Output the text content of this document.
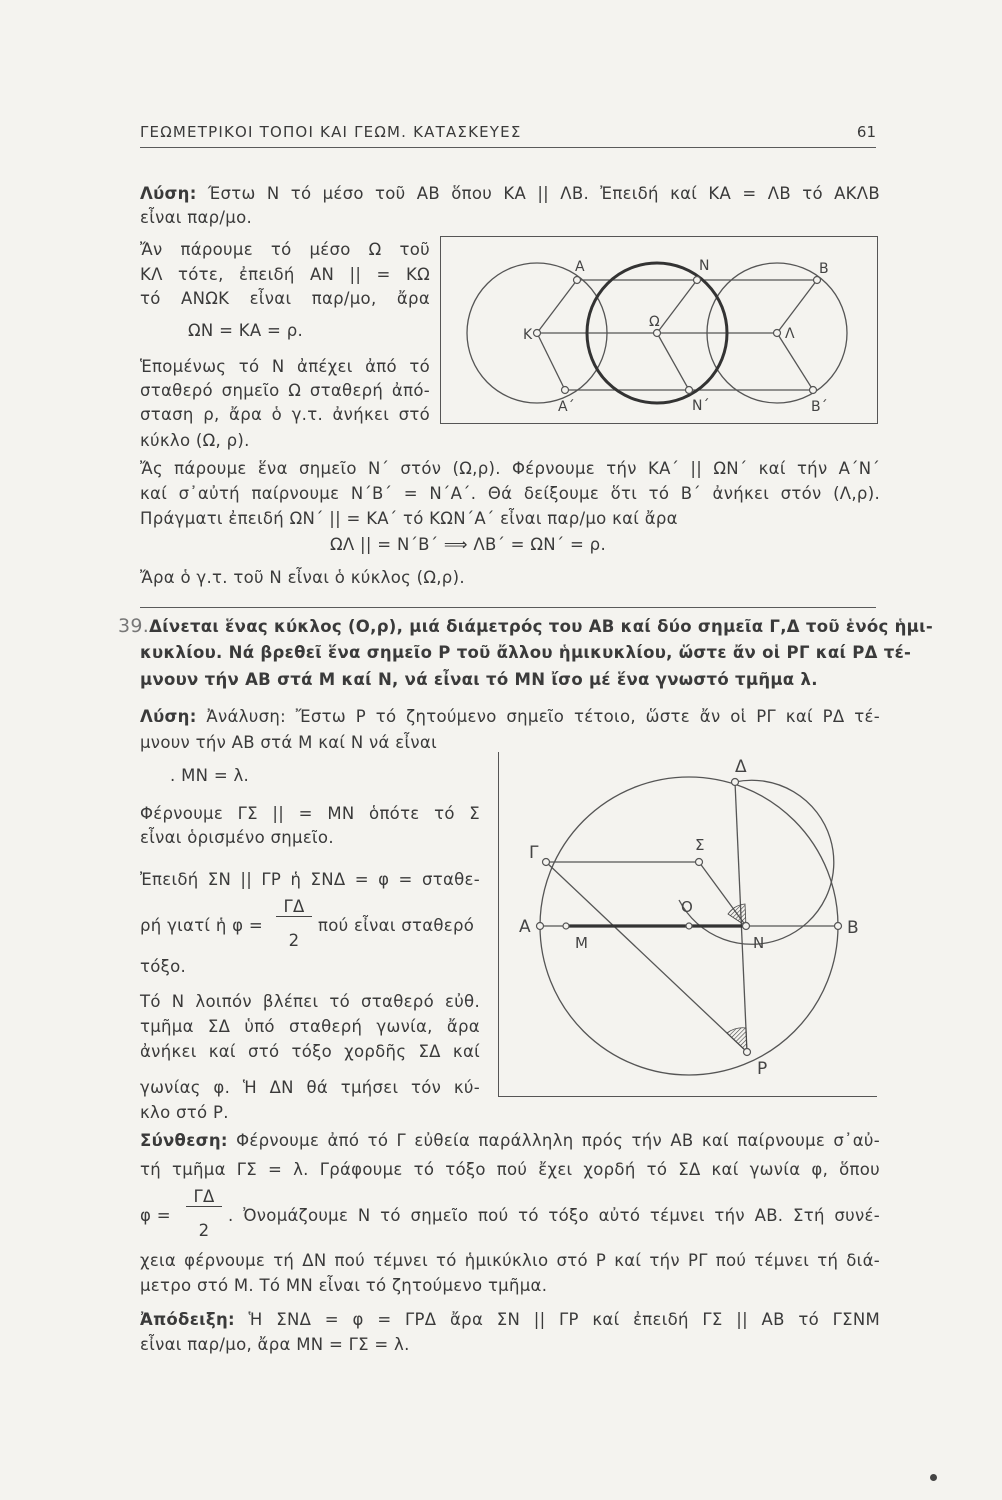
ΓΕΩΜΕΤΡΙΚΟΙ ΤΟΠΟΙ ΚΑΙ ΓΕΩΜ. ΚΑΤΑΣΚΕΥΕΣ	61
Λύση: Έστω Ν τό μέσο τοῦ ΑΒ ὅπου ΚΑ || ΛΒ. Ἐπειδή καί ΚΑ = ΛΒ τό ΑΚΛΒ
εἶναι παρ/μο.
Ἄν πάρουμε τό μέσο Ω τοῦ
ΚΛ τότε, ἐπειδή ΑΝ || = ΚΩ
τό ΑΝΩΚ εἶναι παρ/μο, ἄρα
ΩΝ = ΚΑ = ρ.
Ἑπομένως τό Ν ἀπέχει ἀπό τό
σταθερό σημεῖο Ω σταθερή ἀπό-
σταση ρ, ἄρα ὁ γ.τ. ἀνήκει στό
κύκλο (Ω, ρ).
Ἄς πάρουμε ἕνα σημεῖο Ν΄ στόν (Ω,ρ). Φέρνουμε τήν ΚΑ΄ || ΩΝ΄ καί τήν Α΄Ν΄
καί σ᾽αὐτή παίρνουμε Ν΄Β΄ = Ν΄Α΄. Θά δείξουμε ὅτι τό Β΄ ἀνήκει στόν (Λ,ρ).
Πράγματι ἐπειδή ΩΝ΄ || = ΚΑ΄ τό ΚΩΝ΄Α΄ εἶναι παρ/μο καί ἄρα
ΩΛ || = Ν΄Β΄ ⟹ ΛΒ΄ = ΩΝ΄ = ρ.
Ἄρα ὁ γ.τ. τοῦ Ν εἶναι ὁ κύκλος (Ω,ρ).
A	N	B
K
Ω
Λ
A΄	N΄	B΄
39.Δίνεται ἕνας κύκλος (Ο,ρ), μιά διάμετρός του ΑΒ καί δύο σημεῖα Γ,Δ τοῦ ἑνός ἡμι-
κυκλίου. Νά βρεθεῖ ἕνα σημεῖο Ρ τοῦ ἄλλου ἡμικυκλίου, ὥστε ἄν οἱ ΡΓ καί ΡΔ τέ-
μνουν τήν ΑΒ στά Μ καί Ν, νά εἶναι τό ΜΝ ἴσο μέ ἕνα γνωστό τμῆμα λ.
Λύση: Ἀνάλυση: Ἔστω Ρ τό ζητούμενο σημεῖο τέτοιο, ὥστε ἄν οἱ ΡΓ καί ΡΔ τέ-
μνουν τήν ΑΒ στά Μ καί Ν νά εἶναι
. ΜΝ = λ.
Φέρνουμε ΓΣ || = ΜΝ ὁπότε τό Σ
εἶναι ὁρισμένο σημεῖο.
Ἐπειδή ΣΝ || ΓΡ ἡ ΣΝΔ = φ = σταθε-
ρή γιατί ἡ φ =
ΓΔ
2
πού εἶναι σταθερό
τόξο.
Τό Ν λοιπόν βλέπει τό σταθερό εὐθ.
τμῆμα ΣΔ ὑπό σταθερή γωνία, ἄρα
ἀνήκει καί στό τόξο χορδῆς ΣΔ καί
γωνίας φ. Ἡ ΔΝ θά τμήσει τόν κύ-
κλο στό Ρ.
Δ
Γ	Σ
O
A
M	N
B
P
Σύνθεση: Φέρνουμε ἀπό τό Γ εὐθεία παράλληλη πρός τήν ΑΒ καί παίρνουμε σ᾽αὐ-
τή τμῆμα ΓΣ = λ. Γράφουμε τό τόξο πού ἔχει χορδή τό ΣΔ καί γωνία φ, ὅπου
φ =
ΓΔ
2
. Ὀνομάζουμε Ν τό σημεῖο πού τό τόξο αὐτό τέμνει τήν ΑΒ. Στή συνέ-
χεια φέρνουμε τή ΔΝ πού τέμνει τό ἡμικύκλιο στό Ρ καί τήν ΡΓ πού τέμνει τή διά-
μετρο στό Μ. Τό ΜΝ εἶναι τό ζητούμενο τμῆμα.
Ἀπόδειξη: Ἡ ΣΝΔ = φ = ΓΡΔ ἄρα ΣΝ || ΓΡ καί ἐπειδή ΓΣ || ΑΒ τό ΓΣΝΜ
εἶναι παρ/μο, ἄρα ΜΝ = ΓΣ = λ.
